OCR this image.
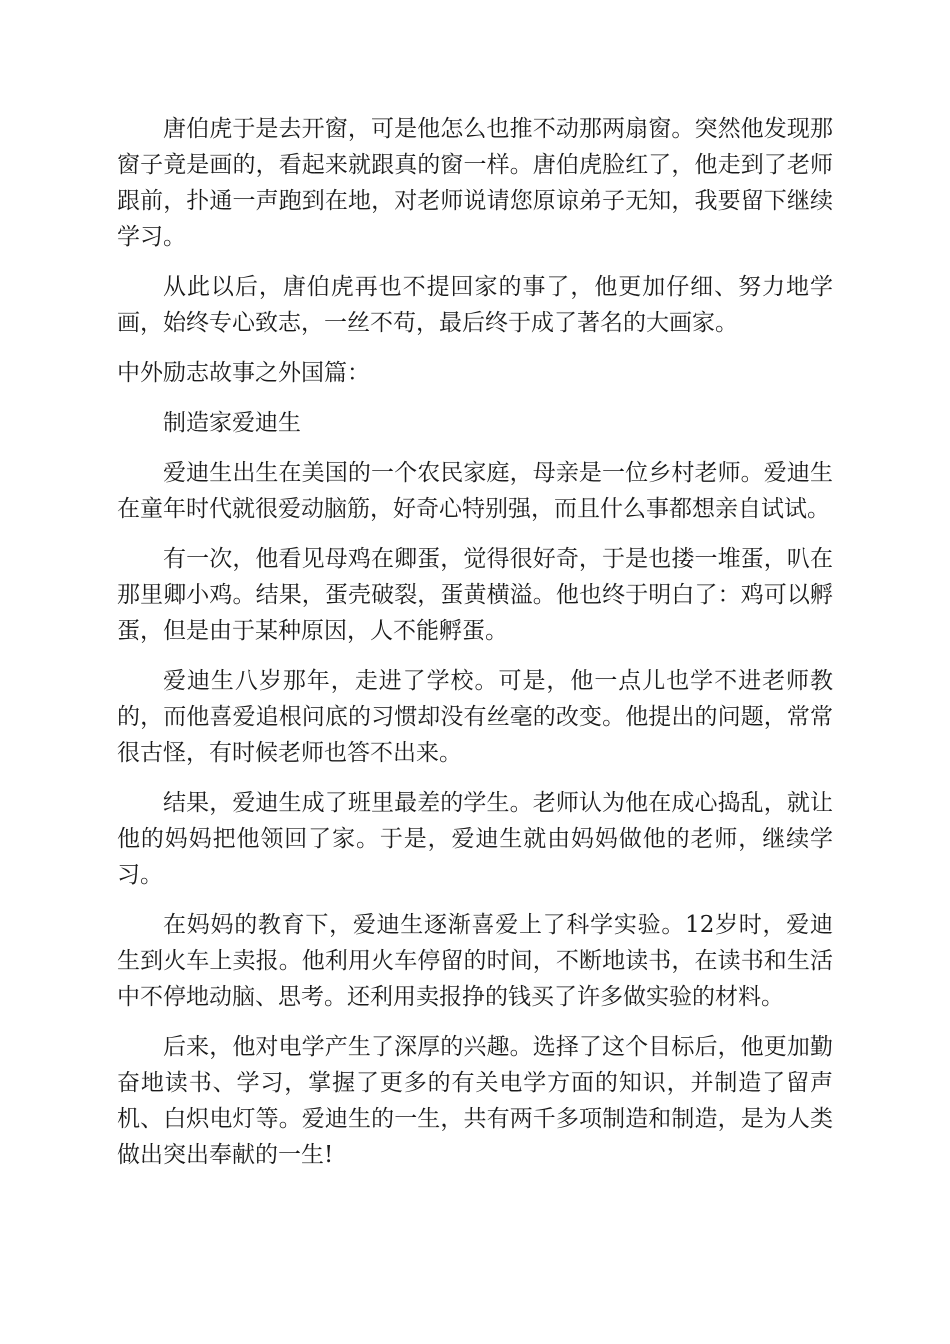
唐伯虎于是去开窗，可是他怎么也推不动那两扇窗。突然他发现那窗子竟是画的，看起来就跟真的窗一样。唐伯虎脸红了，他走到了老师跟前，扑通一声跑到在地，对老师说请您原谅弟子无知，我要留下继续学习。

从此以后，唐伯虎再也不提回家的事了，他更加仔细、努力地学画，始终专心致志，一丝不苟，最后终于成了著名的大画家。

中外励志故事之外国篇：

制造家爱迪生

爱迪生出生在美国的一个农民家庭，母亲是一位乡村老师。爱迪生在童年时代就很爱动脑筋，好奇心特别强，而且什么事都想亲自试试。

有一次，他看见母鸡在卿蛋，觉得很好奇，于是也搂一堆蛋，叭在那里卿小鸡。结果，蛋壳破裂，蛋黄横溢。他也终于明白了：鸡可以孵蛋，但是由于某种原因，人不能孵蛋。

爱迪生八岁那年，走进了学校。可是，他一点儿也学不进老师教的，而他喜爱追根问底的习惯却没有丝毫的改变。他提出的问题，常常很古怪，有时候老师也答不出来。

结果，爱迪生成了班里最差的学生。老师认为他在成心捣乱，就让他的妈妈把他领回了家。于是，爱迪生就由妈妈做他的老师，继续学习。

在妈妈的教育下，爱迪生逐渐喜爱上了科学实验。12岁时，爱迪生到火车上卖报。他利用火车停留的时间，不断地读书，在读书和生活中不停地动脑、思考。还利用卖报挣的钱买了许多做实验的材料。

后来，他对电学产生了深厚的兴趣。选择了这个目标后，他更加勤奋地读书、学习，掌握了更多的有关电学方面的知识，并制造了留声机、白炽电灯等。爱迪生的一生，共有两千多项制造和制造，是为人类做出突出奉献的一生!
